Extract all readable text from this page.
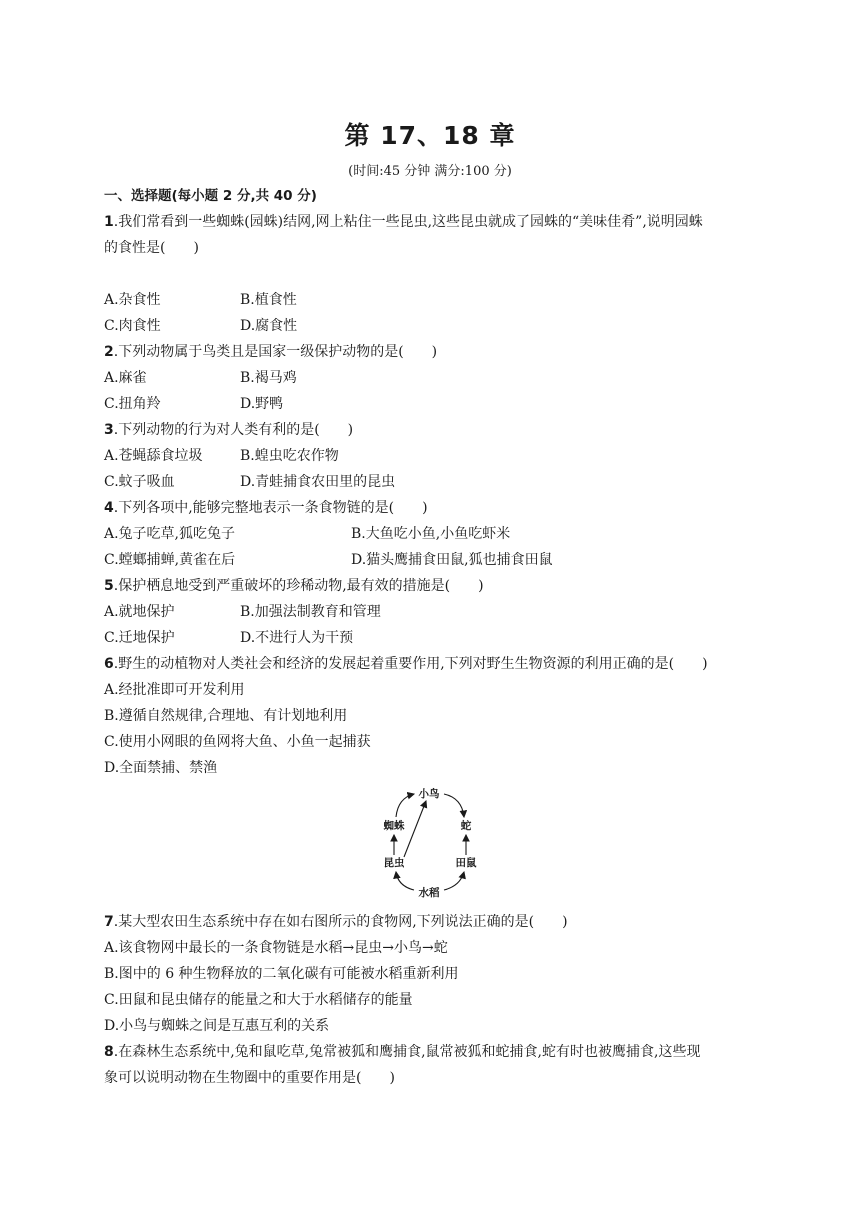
第 17、18 章
(时间:45 分钟 满分:100 分)
一、选择题(每小题 2 分,共 40 分)
1.我们常看到一些蜘蛛(园蛛)结网,网上粘住一些昆虫,这些昆虫就成了园蛛的“美味佳肴”,说明园蛛
的食性是(　　)
A.杂食性	B.植食性
C.肉食性	D.腐食性
2.下列动物属于鸟类且是国家一级保护动物的是(　　)
A.麻雀	B.褐马鸡
C.扭角羚	D.野鸭
3.下列动物的行为对人类有利的是(　　)
A.苍蝇舔食垃圾	B.蝗虫吃农作物
C.蚊子吸血	D.青蛙捕食农田里的昆虫
4.下列各项中,能够完整地表示一条食物链的是(　　)
A.兔子吃草,狐吃兔子	B.大鱼吃小鱼,小鱼吃虾米
C.螳螂捕蝉,黄雀在后	D.猫头鹰捕食田鼠,狐也捕食田鼠
5.保护栖息地受到严重破坏的珍稀动物,最有效的措施是(　　)
A.就地保护	B.加强法制教育和管理
C.迁地保护	D.不进行人为干预
6.野生的动植物对人类社会和经济的发展起着重要作用,下列对野生生物资源的利用正确的是(　　)
A.经批准即可开发利用
B.遵循自然规律,合理地、有计划地利用
C.使用小网眼的鱼网将大鱼、小鱼一起捕获
D.全面禁捕、禁渔
小鸟
蜘蛛	蛇
昆虫	田鼠
水稻
7.某大型农田生态系统中存在如右图所示的食物网,下列说法正确的是(　　)
A.该食物网中最长的一条食物链是水稻→昆虫→小鸟→蛇
B.图中的 6 种生物释放的二氧化碳有可能被水稻重新利用
C.田鼠和昆虫储存的能量之和大于水稻储存的能量
D.小鸟与蜘蛛之间是互惠互利的关系
8.在森林生态系统中,兔和鼠吃草,兔常被狐和鹰捕食,鼠常被狐和蛇捕食,蛇有时也被鹰捕食,这些现
象可以说明动物在生物圈中的重要作用是(　　)
